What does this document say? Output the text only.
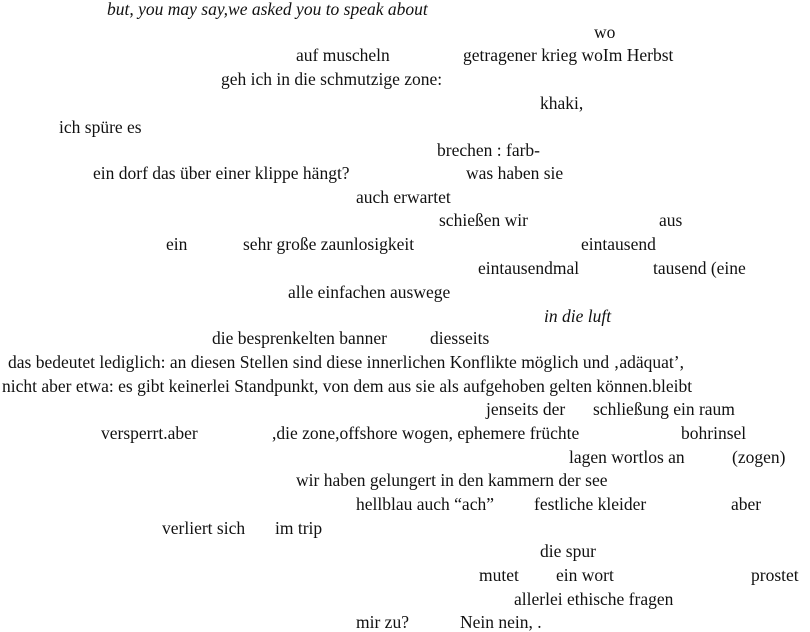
but, you may say,we asked you to speak about
wo
auf muscheln	getragener krieg woIm Herbst
geh ich in die schmutzige zone:
khaki,
ich spüre es
brechen : farb-
ein dorf das über einer klippe hängt?	was haben sie
auch erwartet
schießen wir	aus
ein	sehr große zaunlosigkeit	eintausend
eintausendmal	tausend (eine
alle einfachen auswege
in die luft
die besprenkelten banner diesseits
das bedeutet lediglich: an diesen Stellen sind diese innerlichen Konflikte möglich und ‚adäquat’,
nicht aber etwa: es gibt keinerlei Standpunkt, von dem aus sie als aufgehoben gelten können.bleibt
jenseits der schließung ein raum
versperrt.aber	,die zone,offshore wogen, ephemere früchte	bohrinsel
lagen wortlos an	(zogen)
wir haben gelungert in den kammern der see
hellblau auch “ach” festliche kleider	aber
verliert sich im trip
die spur
mutet ein wort	prostet
allerlei ethische fragen
mir zu?	Nein nein, .
